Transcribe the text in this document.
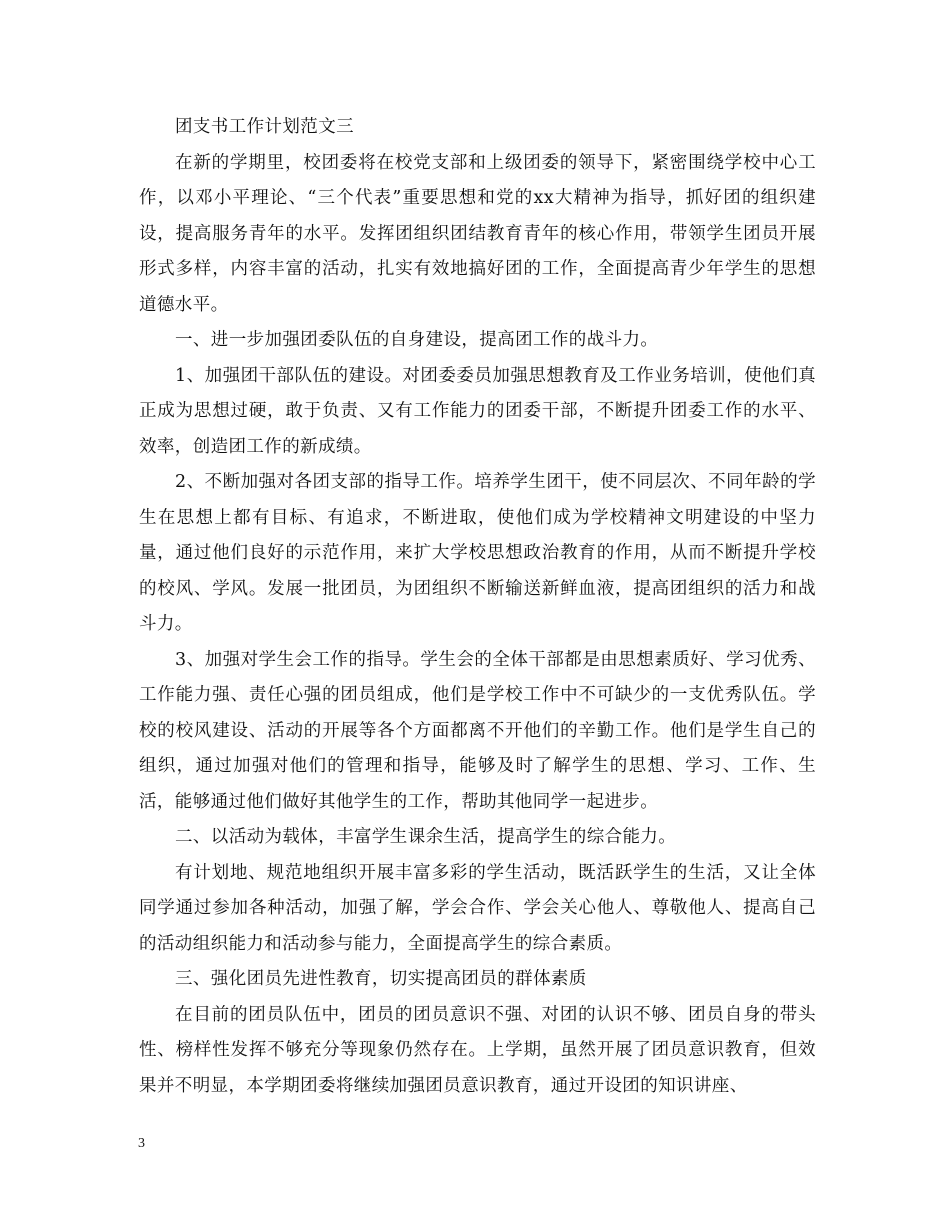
团支书工作计划范文三

在新的学期里，校团委将在校党支部和上级团委的领导下，紧密围绕学校中心工作，以邓小平理论、“三个代表”重要思想和党的xx大精神为指导，抓好团的组织建设，提高服务青年的水平。发挥团组织团结教育青年的核心作用，带领学生团员开展形式多样，内容丰富的活动，扎实有效地搞好团的工作，全面提高青少年学生的思想道德水平。

一、进一步加强团委队伍的自身建设，提高团工作的战斗力。

1、加强团干部队伍的建设。对团委委员加强思想教育及工作业务培训，使他们真正成为思想过硬，敢于负责、又有工作能力的团委干部，不断提升团委工作的水平、效率，创造团工作的新成绩。

2、不断加强对各团支部的指导工作。培养学生团干，使不同层次、不同年龄的学生在思想上都有目标、有追求，不断进取，使他们成为学校精神文明建设的中坚力量，通过他们良好的示范作用，来扩大学校思想政治教育的作用，从而不断提升学校的校风、学风。发展一批团员，为团组织不断输送新鲜血液，提高团组织的活力和战斗力。

3、加强对学生会工作的指导。学生会的全体干部都是由思想素质好、学习优秀、工作能力强、责任心强的团员组成，他们是学校工作中不可缺少的一支优秀队伍。学校的校风建设、活动的开展等各个方面都离不开他们的辛勤工作。他们是学生自己的组织，通过加强对他们的管理和指导，能够及时了解学生的思想、学习、工作、生活，能够通过他们做好其他学生的工作，帮助其他同学一起进步。

二、以活动为载体，丰富学生课余生活，提高学生的综合能力。

有计划地、规范地组织开展丰富多彩的学生活动，既活跃学生的生活，又让全体同学通过参加各种活动，加强了解，学会合作、学会关心他人、尊敬他人、提高自己的活动组织能力和活动参与能力，全面提高学生的综合素质。

三、强化团员先进性教育，切实提高团员的群体素质

在目前的团员队伍中，团员的团员意识不强、对团的认识不够、团员自身的带头性、榜样性发挥不够充分等现象仍然存在。上学期，虽然开展了团员意识教育，但效果并不明显，本学期团委将继续加强团员意识教育，通过开设团的知识讲座、

3
